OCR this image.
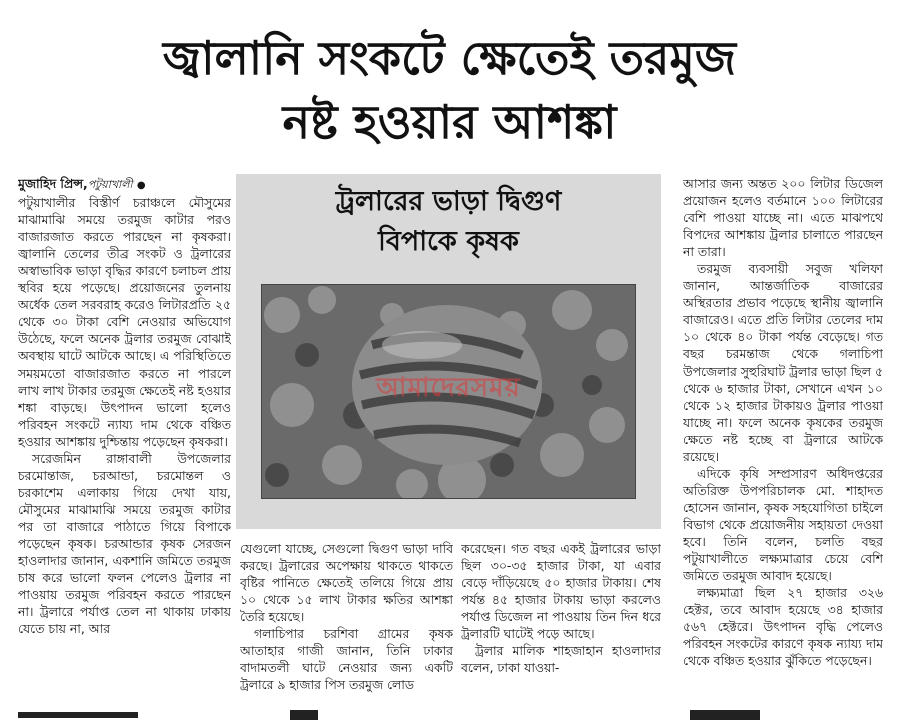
জ্বালানি সংকটে ক্ষেতেই তরমুজ
নষ্ট হওয়ার আশঙ্কা

মুজাহিদ প্রিন্স,পটুয়াখালী ●

পটুয়াখালীর বিস্তীর্ণ চরাঞ্চলে মৌসুমের মাঝামাঝি সময়ে তরমুজ কাটার পরও বাজারজাত করতে পারছেন না কৃষকরা। জ্বালানি তেলের তীব্র সংকট ও ট্রলারের অস্বাভাবিক ভাড়া বৃদ্ধির কারণে চলাচল প্রায় স্থবির হয়ে পড়েছে। প্রয়োজনের তুলনায় অর্ধেক তেল সরবরাহ করেও লিটারপ্রতি ২৫ থেকে ৩০ টাকা বেশি নেওয়ার অভিযোগ উঠেছে, ফলে অনেক ট্রলার তরমুজ বোঝাই অবস্থায় ঘাটে আটকে আছে। এ পরিস্থিতিতে সময়মতো বাজারজাত করতে না পারলে লাখ লাখ টাকার তরমুজ ক্ষেতেই নষ্ট হওয়ার শঙ্কা বাড়ছে। উৎপাদন ভালো হলেও পরিবহন সংকটে ন্যায্য দাম থেকে বঞ্চিত হওয়ার আশঙ্কায় দুশ্চিন্তায় পড়েছেন কৃষকরা।

সরেজমিন রাঙ্গাবালী উপজেলার চরমোন্তাজ, চরআন্ডা, চরমোন্তল ও চরকাশেম এলাকায় গিয়ে দেখা যায়, মৌসুমের মাঝামাঝি সময়ে তরমুজ কাটার পর তা বাজারে পাঠাতে গিয়ে বিপাকে পড়েছেন কৃষক। চরআন্ডার কৃষক সেরজন হাওলাদার জানান, একশানি জমিতে তরমুজ চাষ করে ভালো ফলন পেলেও ট্রলার না পাওয়ায় তরমুজ পরিবহন করতে পারছেন না। ট্রলারে পর্যাপ্ত তেল না থাকায় ঢাকায় যেতে চায় না, আর

ট্রলারের ভাড়া দ্বিগুণ
বিপাকে কৃষক
আমাদেরসময়

যেগুলো যাচ্ছে, সেগুলো দ্বিগুণ ভাড়া দাবি করছে। ট্রলারের অপেক্ষায় থাকতে থাকতে বৃষ্টির পানিতে ক্ষেতেই তলিয়ে গিয়ে প্রায় ১০ থেকে ১৫ লাখ টাকার ক্ষতির আশঙ্কা তৈরি হয়েছে।

গলাচিপার চরশিবা গ্রামের কৃষক আতাহার গাজী জানান, তিনি ঢাকার বাদামতলী ঘাটে নেওয়ার জন্য একটি ট্রলারে ৯ হাজার পিস তরমুজ লোড

করেছেন। গত বছর একই ট্রলারের ভাড়া ছিল ৩০-৩৫ হাজার টাকা, যা এবার বেড়ে দাঁড়িয়েছে ৫০ হাজার টাকায়। শেষ পর্যন্ত ৪৫ হাজার টাকায় ভাড়া করলেও পর্যাপ্ত ডিজেল না পাওয়ায় তিন দিন ধরে ট্রলারটি ঘাটেই পড়ে আছে।

ট্রলার মালিক শাহজাহান হাওলাদার বলেন, ঢাকা যাওয়া-

আসার জন্য অন্তত ২০০ লিটার ডিজেল প্রয়োজন হলেও বর্তমানে ১০০ লিটারের বেশি পাওয়া যাচ্ছে না। এতে মাঝপথে বিপদের আশঙ্কায় ট্রলার চালাতে পারছেন না তারা।

তরমুজ ব্যবসায়ী সবুজ খলিফা জানান, আন্তর্জাতিক বাজারের অস্থিরতার প্রভাব পড়েছে স্থানীয় জ্বালানি বাজারেও। এতে প্রতি লিটার তেলের দাম ১০ থেকে ৪০ টাকা পর্যন্ত বেড়েছে। গত বছর চরমন্তাজ থেকে গলাচিপা উপজেলার সুহুরিঘাট ট্রলার ভাড়া ছিল ৫ থেকে ৬ হাজার টাকা, সেখানে এখন ১০ থেকে ১২ হাজার টাকায়ও ট্রলার পাওয়া যাচ্ছে না। ফলে অনেক কৃষকের তরমুজ ক্ষেতে নষ্ট হচ্ছে বা ট্রলারে আটকে রয়েছে।

এদিকে কৃষি সম্প্রসারণ অধিদপ্তরের অতিরিক্ত উপপরিচালক মো. শাহাদত হোসেন জানান, কৃষক সহযোগিতা চাইলে বিভাগ থেকে প্রয়োজনীয় সহায়তা দেওয়া হবে। তিনি বলেন, চলতি বছর পটুয়াখালীতে লক্ষ্যমাত্রার চেয়ে বেশি জমিতে তরমুজ আবাদ হয়েছে।

লক্ষ্যমাত্রা ছিল ২৭ হাজার ৩২৬ হেক্টর, তবে আবাদ হয়েছে ৩৪ হাজার ৫৬৭ হেক্টরে। উৎপাদন বৃদ্ধি পেলেও পরিবহন সংকটের কারণে কৃষক ন্যায্য দাম থেকে বঞ্চিত হওয়ার ঝুঁকিতে পড়েছেন।
